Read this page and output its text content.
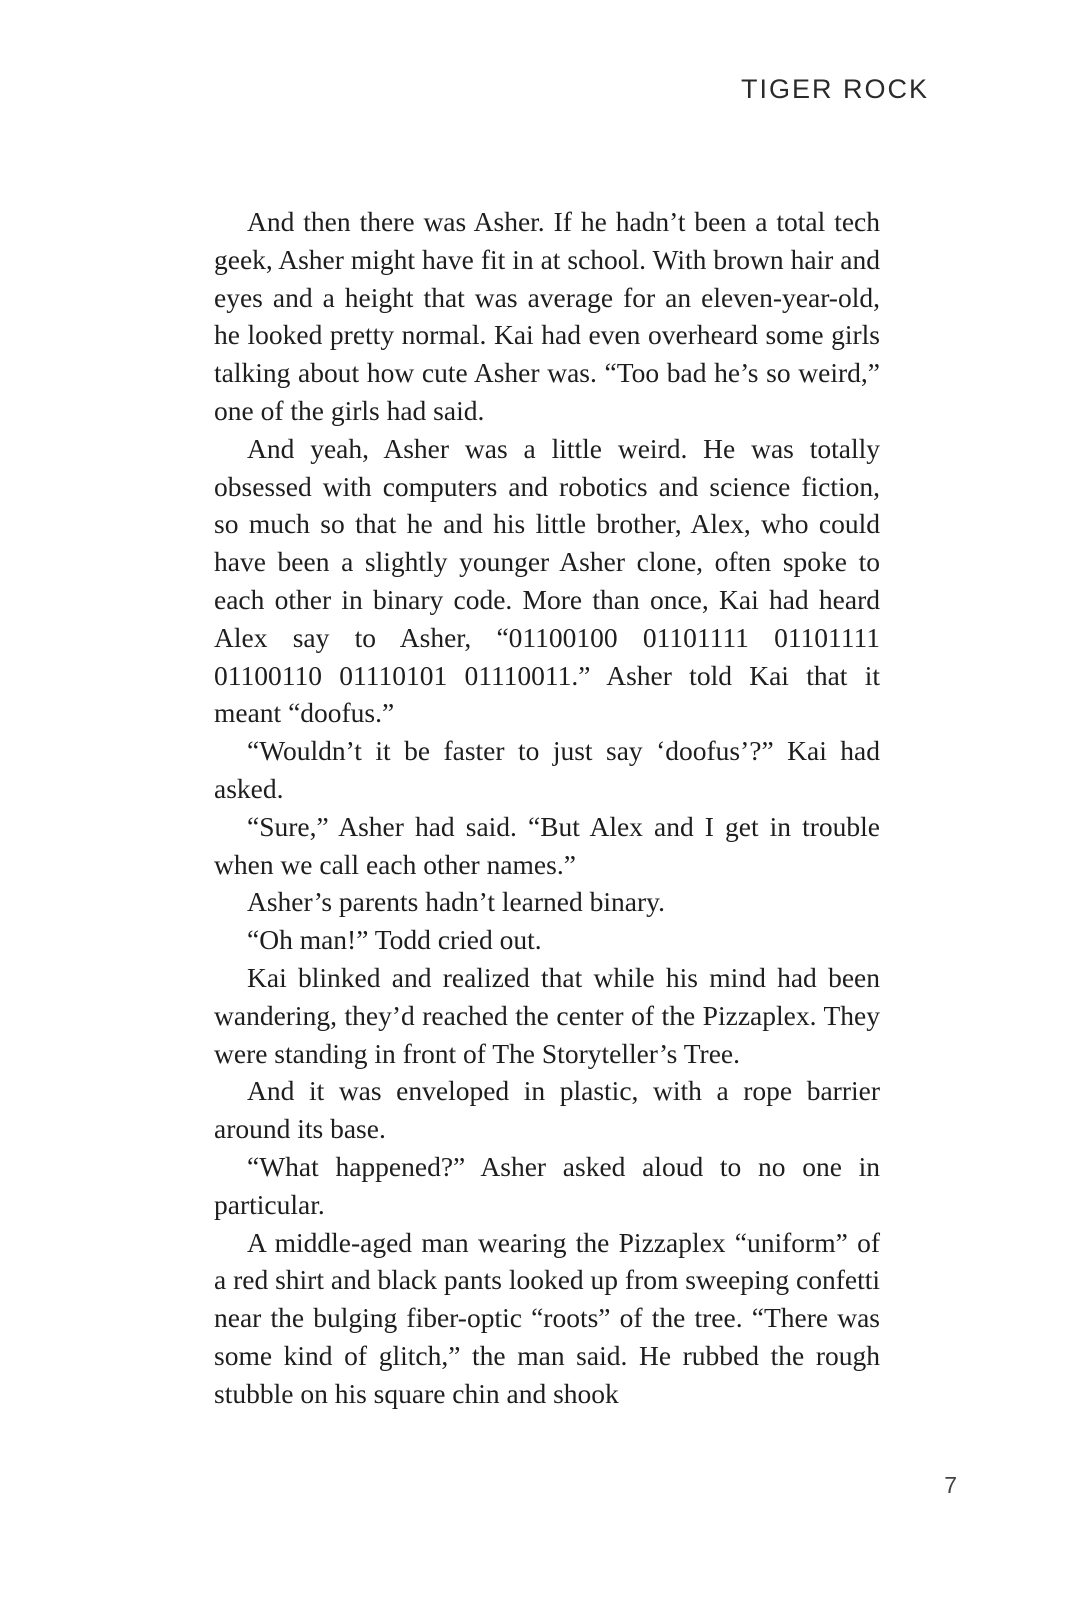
TIGER ROCK

And then there was Asher. If he hadn’t been a total tech geek, Asher might have fit in at school. With brown hair and eyes and a height that was average for an eleven-year-old, he looked pretty normal. Kai had even overheard some girls talking about how cute Asher was. “Too bad he’s so weird,” one of the girls had said.

And yeah, Asher was a little weird. He was totally obsessed with computers and robotics and science fiction, so much so that he and his little brother, Alex, who could have been a slightly younger Asher clone, often spoke to each other in binary code. More than once, Kai had heard Alex say to Asher, “01100100 01101111 01101111 01100110 01110101 01110011.” Asher told Kai that it meant “doofus.”

“Wouldn’t it be faster to just say ‘doofus’?” Kai had asked.

“Sure,” Asher had said. “But Alex and I get in trouble when we call each other names.”

Asher’s parents hadn’t learned binary.

“Oh man!” Todd cried out.

Kai blinked and realized that while his mind had been wandering, they’d reached the center of the Pizzaplex. They were standing in front of The Storyteller’s Tree.

And it was enveloped in plastic, with a rope barrier around its base.

“What happened?” Asher asked aloud to no one in particular.

A middle-aged man wearing the Pizzaplex “uniform” of a red shirt and black pants looked up from sweeping confetti near the bulging fiber-optic “roots” of the tree. “There was some kind of glitch,” the man said. He rubbed the rough stubble on his square chin and shook

7
